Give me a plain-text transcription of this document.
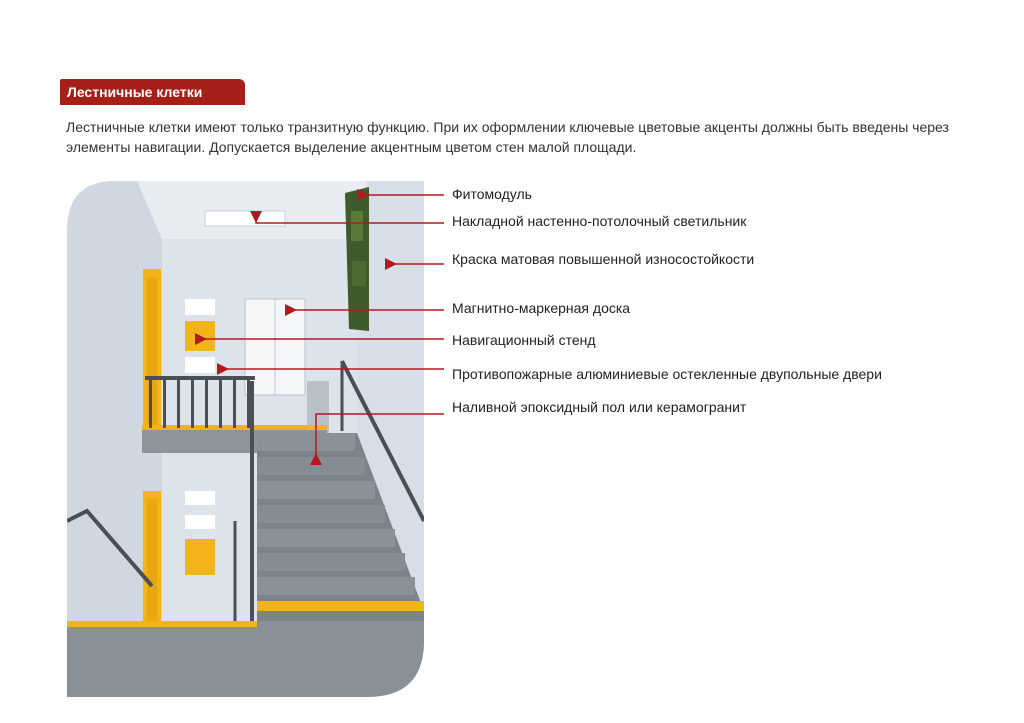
Лестничные клетки

Лестничные клетки имеют только транзитную функцию. При их оформлении ключевые цветовые акценты должны быть введены через элементы навигации. Допускается выделение акцентным цветом стен малой площади.

Фитомодуль
Накладной настенно-потолочный светильник
Краска матовая повышенной износостойкости
Магнитно-маркерная доска
Навигационный стенд
Противопожарные алюминиевые остекленные двупольные двери
Наливной эпоксидный пол или керамогранит
